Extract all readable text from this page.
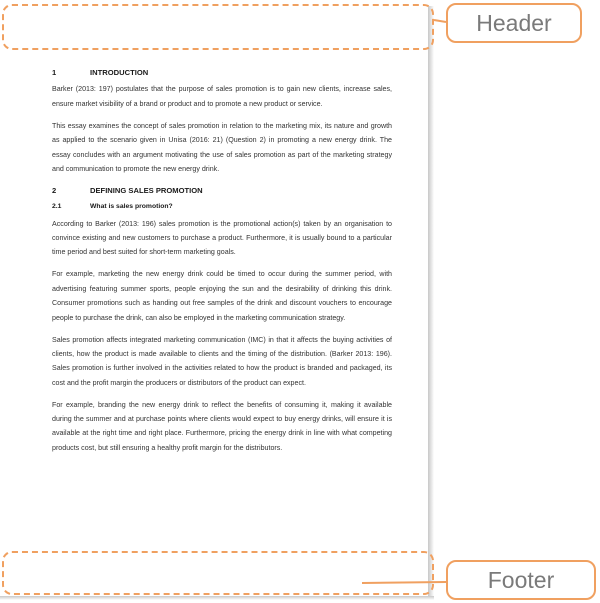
Header
Footer
1	INTRODUCTION

Barker (2013: 197) postulates that the purpose of sales promotion is to gain new clients, increase sales, ensure market visibility of a brand or product and to promote a new product or service.

This essay examines the concept of sales promotion in relation to the marketing mix, its nature and growth as applied to the scenario given in Unisa (2016: 21) (Question 2) in promoting a new energy drink. The essay concludes with an argument motivating the use of sales promotion as part of the marketing strategy and communication to promote the new energy drink.

2	DEFINING SALES PROMOTION
2.1	What is sales promotion?

According to Barker (2013: 196) sales promotion is the promotional action(s) taken by an organisation to convince existing and new customers to purchase a product. Furthermore, it is usually bound to a particular time period and best suited for short-term marketing goals.

For example, marketing the new energy drink could be timed to occur during the summer period, with advertising featuring summer sports, people enjoying the sun and the desirability of drinking this drink. Consumer promotions such as handing out free samples of the drink and discount vouchers to encourage people to purchase the drink, can also be employed in the marketing communication strategy.

Sales promotion affects integrated marketing communication (IMC) in that it affects the buying activities of clients, how the product is made available to clients and the timing of the distribution. (Barker 2013: 196). Sales promotion is further involved in the activities related to how the product is branded and packaged, its cost and the profit margin the producers or distributors of the product can expect.

For example, branding the new energy drink to reflect the benefits of consuming it, making it available during the summer and at purchase points where clients would expect to buy energy drinks, will ensure it is available at the right time and right place. Furthermore, pricing the energy drink in line with what competing products cost, but still ensuring a healthy profit margin for the distributors.
